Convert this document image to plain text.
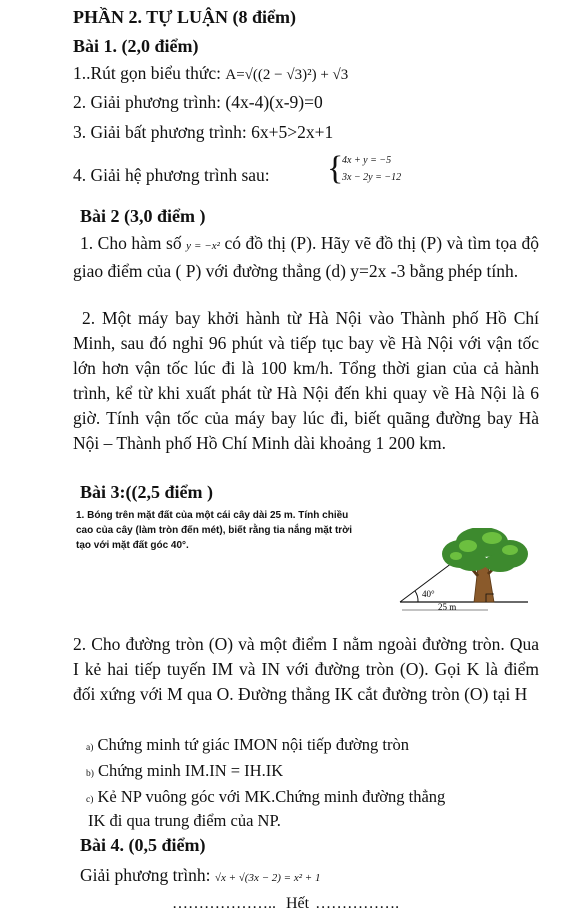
PHẦN 2. TỰ LUẬN (8 điểm)
Bài 1. (2,0 điểm)
1..Rút gọn biểu thức: A=√((2 − √3)²) + √3
2. Giải phương trình: (4x-4)(x-9)=0
3. Giải bất phương trình: 6x+5>2x+1
4. Giải hệ phương trình sau: {
4x + y = −5
3x − 2y = −12
Bài 2 (3,0 điểm )
1. Cho hàm số y = −x² có đồ thị (P). Hãy vẽ đồ thị (P) và tìm tọa độ giao điểm của ( P) với đường thẳng (d) y=2x -3 bằng phép tính.
2. Một máy bay khởi hành từ Hà Nội vào Thành phố Hồ Chí Minh, sau đó nghỉ 96 phút và tiếp tục bay về Hà Nội với vận tốc lớn hơn vận tốc lúc đi là 100 km/h. Tổng thời gian của cả hành trình, kể từ khi xuất phát từ Hà Nội đến khi quay về Hà Nội là 6 giờ. Tính vận tốc của máy bay lúc đi, biết quãng đường bay Hà Nội – Thành phố Hồ Chí Minh dài khoảng 1 200 km.
Bài 3:((2,5 điểm )
1. Bóng trên mặt đất của một cái cây dài 25 m. Tính chiều cao của cây (làm tròn đến mét), biết rằng tia nắng mặt trời tạo với mặt đất góc 40°.
40°
25 m
2. Cho đường tròn (O) và một điểm I nằm ngoài đường tròn. Qua I kẻ hai tiếp tuyến IM và IN với đường tròn (O). Gọi K là điểm đối xứng với M qua O. Đường thẳng IK cắt đường tròn (O) tại H
a) Chứng minh tứ giác IMON nội tiếp đường tròn
b) Chứng minh IM.IN = IH.IK
c) Kẻ NP vuông góc với MK.Chứng minh đường thẳng
IK đi qua trung điểm của NP.
Bài 4. (0,5 điểm)
Giải phương trình: √x + √(3x − 2) = x² + 1
……………….. Hết …………….
